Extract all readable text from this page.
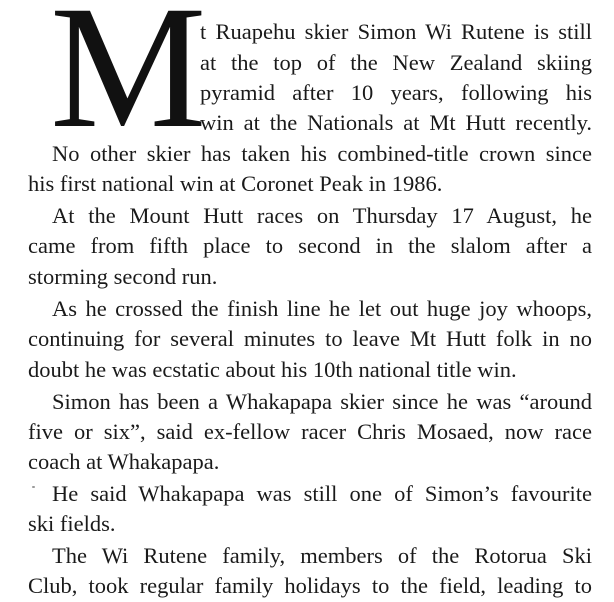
M
t Ruapehu skier Simon Wi Rutene is still
at the top of the New Zealand skiing
pyramid after 10 years, following his
win at the Nationals at Mt Hutt recently.
No other skier has taken his combined-title crown since
his first national win at Coronet Peak in 1986.
At the Mount Hutt races on Thursday 17 August, he
came from fifth place to second in the slalom after a
storming second run.
As he crossed the finish line he let out huge joy whoops,
continuing for several minutes to leave Mt Hutt folk in no
doubt he was ecstatic about his 10th national title win.
Simon has been a Whakapapa skier since he was “around
five or six”, said ex-fellow racer Chris Mosaed, now race
coach at Whakapapa.
He said Whakapapa was still one of Simon’s favourite
ski fields.
The Wi Rutene family, members of the Rotorua Ski
Club, took regular family holidays to the field, leading to
